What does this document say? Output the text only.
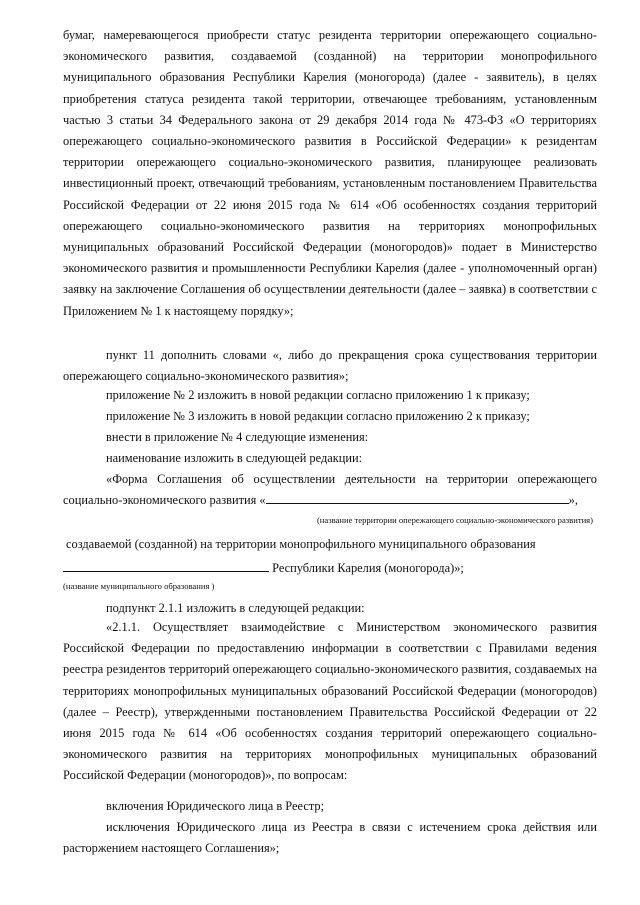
бумаг, намеревающегося приобрести статус резидента территории опережающего социально-экономического развития, создаваемой (созданной) на территории монопрофильного муниципального образования Республики Карелия (моногорода) (далее - заявитель), в целях приобретения статуса резидента такой территории, отвечающее требованиям, установленным частью 3 статьи 34 Федерального закона от 29 декабря 2014 года № 473-ФЗ «О территориях опережающего социально-экономического развития в Российской Федерации» к резидентам территории опережающего социально-экономического развития, планирующее реализовать инвестиционный проект, отвечающий требованиям, установленным постановлением Правительства Российской Федерации от 22 июня 2015 года № 614 «Об особенностях создания территорий опережающего социально-экономического развития на территориях монопрофильных муниципальных образований Российской Федерации (моногородов)» подает в Министерство экономического развития и промышленности Республики Карелия (далее - уполномоченный орган) заявку на заключение Соглашения об осуществлении деятельности (далее – заявка) в соответствии с Приложением № 1 к настоящему порядку»;

пункт 11 дополнить словами «, либо до прекращения срока существования территории опережающего социально-экономического развития»;

приложение № 2 изложить в новой редакции согласно приложению 1 к приказу;

приложение № 3 изложить в новой редакции согласно приложению 2 к приказу;

внести в приложение № 4 следующие изменения:

наименование изложить в следующей редакции:

«Форма Соглашения об осуществлении деятельности на территории опережающего социально-экономического развития «	»,

(название территории опережающего социально-экономического развития)

создаваемой (созданной) на территории монопрофильного муниципального образования

Республики Карелия (моногорода)»;

(название муниципального образования )

подпункт 2.1.1 изложить в следующей редакции:

«2.1.1. Осуществляет взаимодействие с Министерством экономического развития Российской Федерации по предоставлению информации в соответствии с Правилами ведения реестра резидентов территорий опережающего социально-экономического развития, создаваемых на территориях монопрофильных муниципальных образований Российской Федерации (моногородов) (далее – Реестр), утвержденными постановлением Правительства Российской Федерации от 22 июня 2015 года № 614 «Об особенностях создания территорий опережающего социально-экономического развития на территориях монопрофильных муниципальных образований Российской Федерации (моногородов)», по вопросам:

включения Юридического лица в Реестр;

исключения Юридического лица из Реестра в связи с истечением срока действия или расторжением настоящего Соглашения»;
